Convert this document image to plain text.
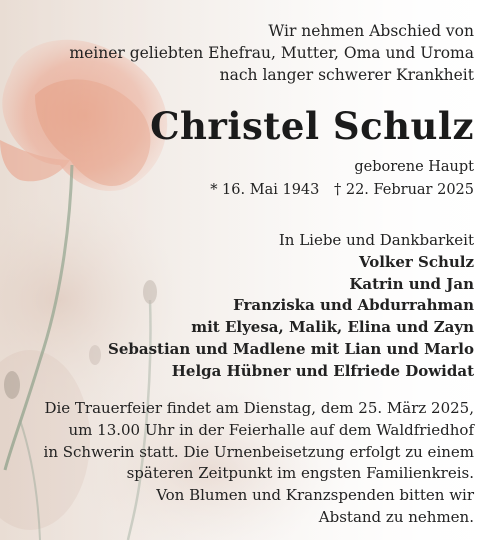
Wir nehmen Abschied von
meiner geliebten Ehefrau, Mutter, Oma und Uroma
nach langer schwerer Krankheit
Christel Schulz
geborene Haupt
* 16. Mai 1943 † 22. Februar 2025
In Liebe und Dankbarkeit
Volker Schulz
Katrin und Jan
Franziska und Abdurrahman
mit Elyesa, Malik, Elina und Zayn
Sebastian und Madlene mit Lian und Marlo
Helga Hübner und Elfriede Dowidat
Die Trauerfeier findet am Dienstag, dem 25. März 2025,
um 13.00 Uhr in der Feierhalle auf dem Waldfriedhof
in Schwerin statt. Die Urnenbeisetzung erfolgt zu einem
späteren Zeitpunkt im engsten Familienkreis.
Von Blumen und Kranzspenden bitten wir
Abstand zu nehmen.
